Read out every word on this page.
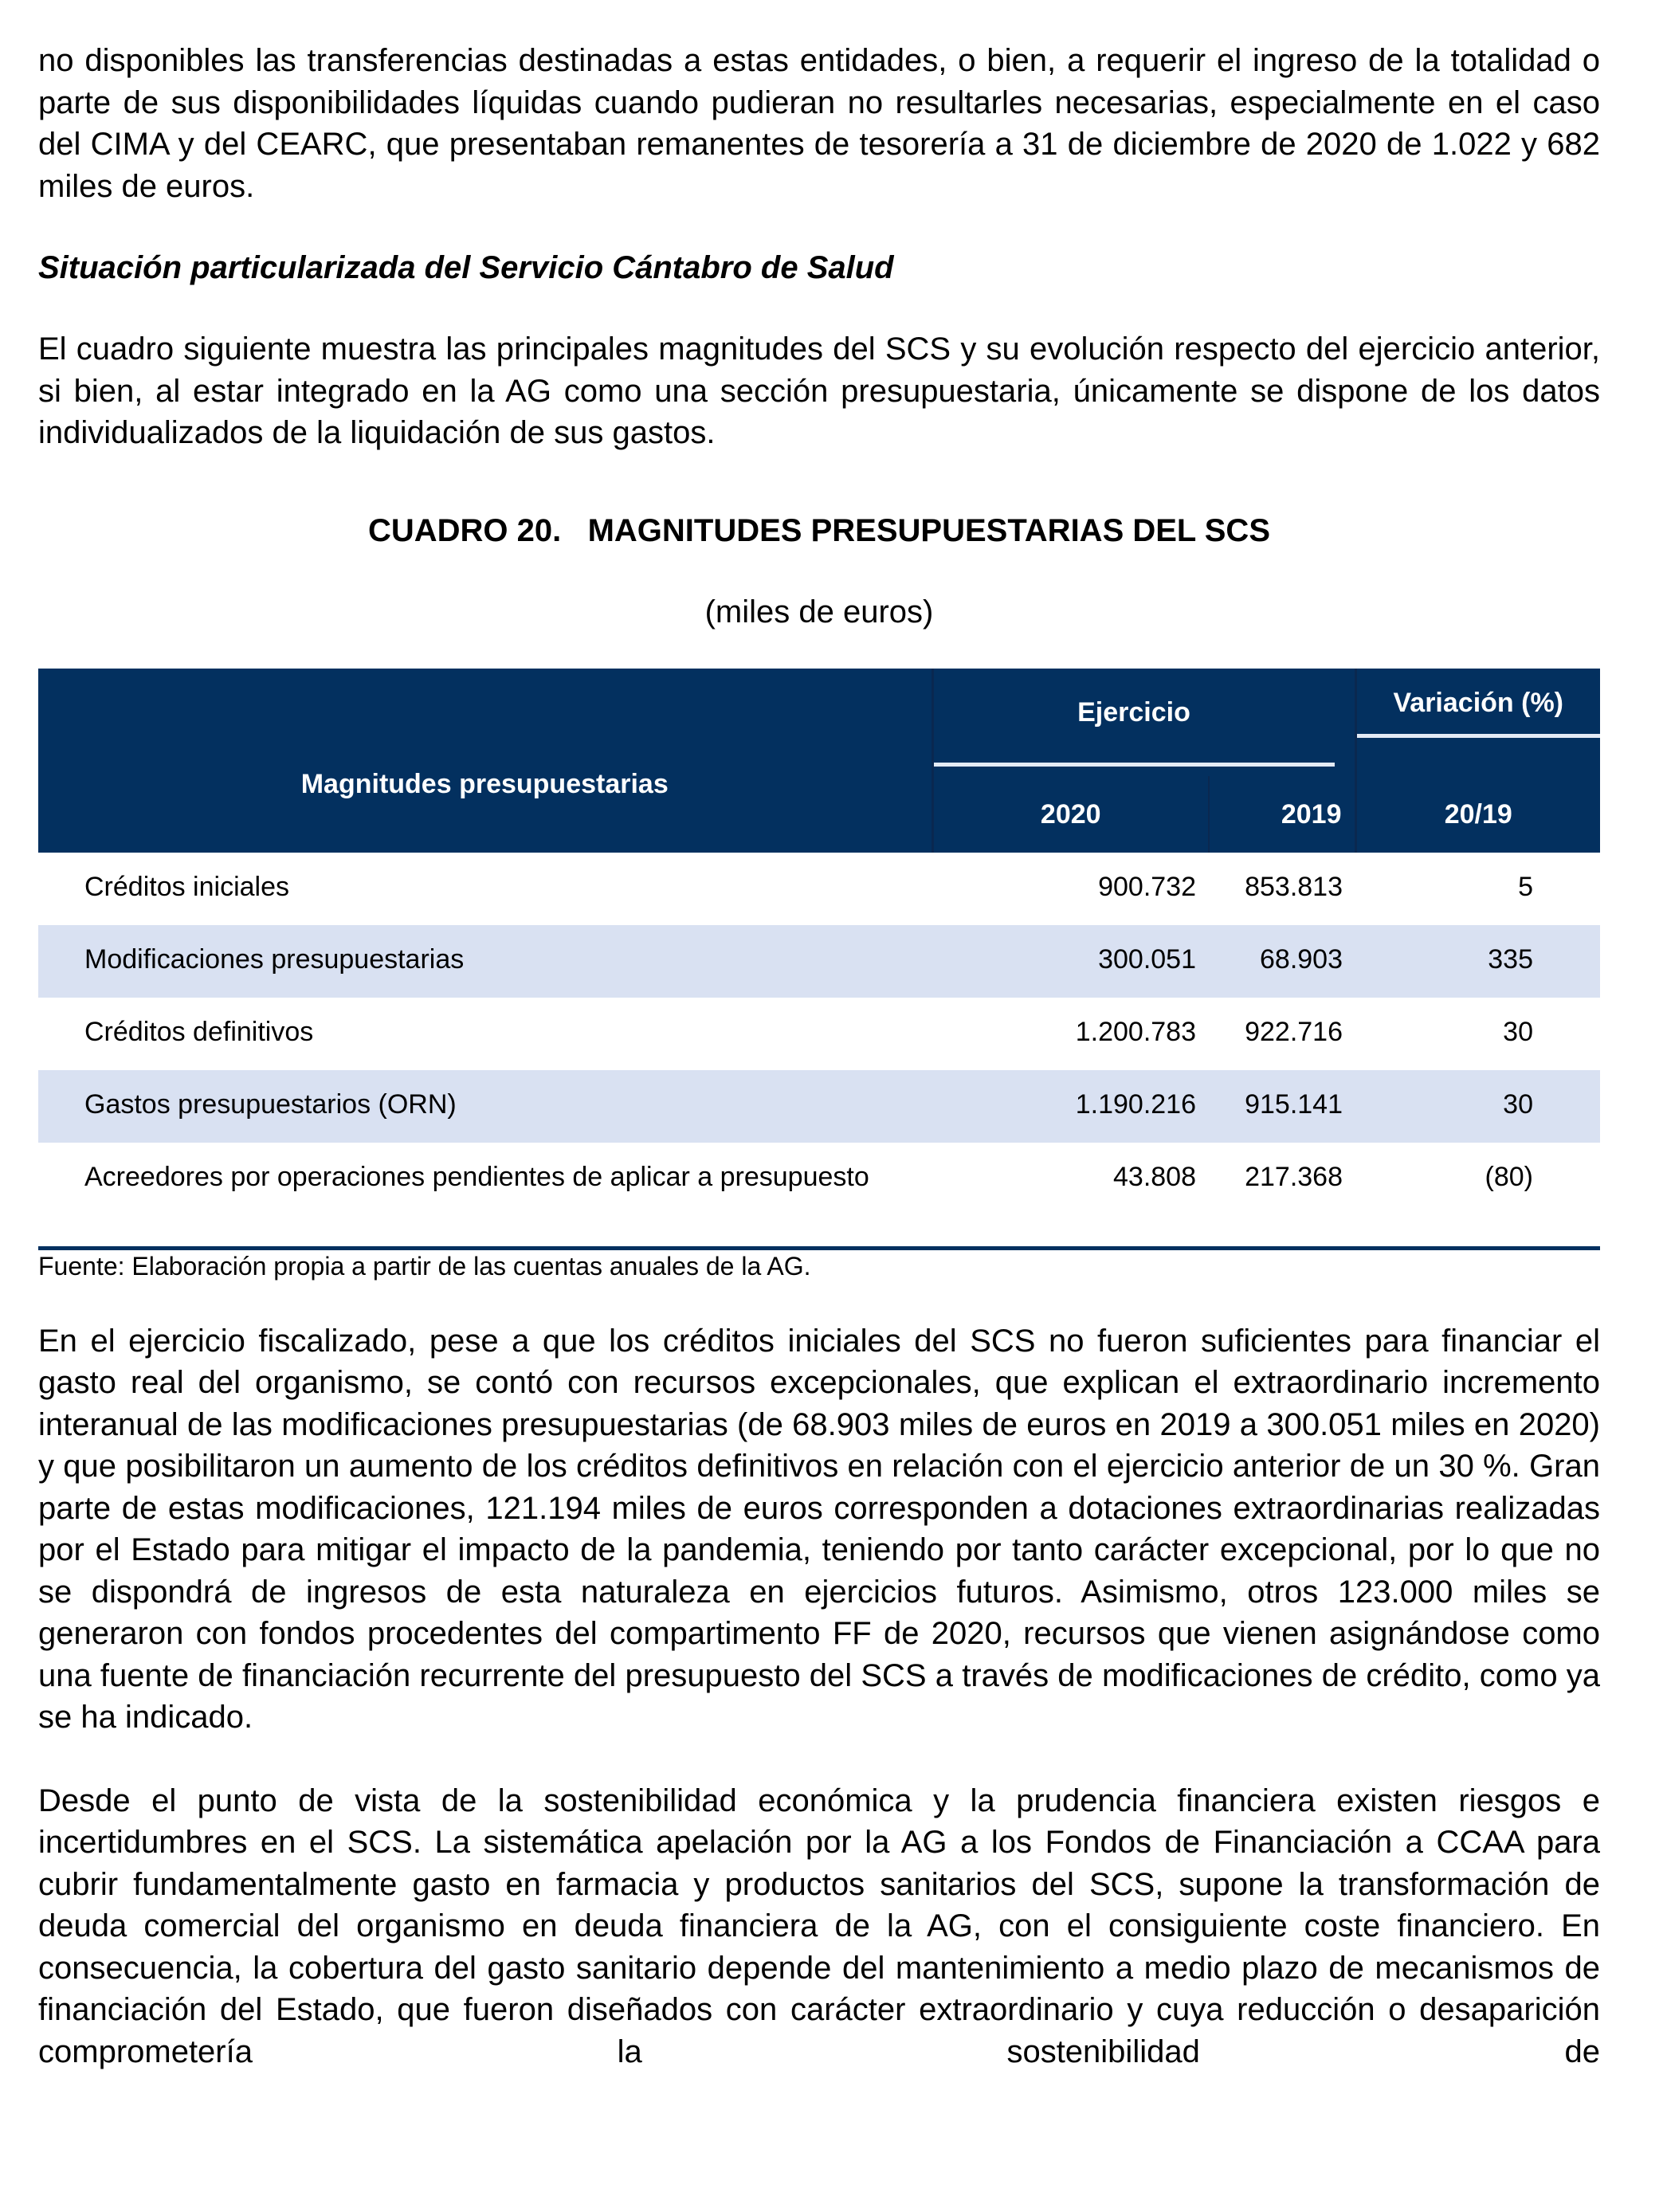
no disponibles las transferencias destinadas a estas entidades, o bien, a requerir el ingreso de la totalidad o parte de sus disponibilidades líquidas cuando pudieran no resultarles necesarias, especialmente en el caso del CIMA y del CEARC, que presentaban remanentes de tesorería a 31 de diciembre de 2020 de 1.022 y 682 miles de euros.

Situación particularizada del Servicio Cántabro de Salud

El cuadro siguiente muestra las principales magnitudes del SCS y su evolución respecto del ejercicio anterior, si bien, al estar integrado en la AG como una sección presupuestaria, únicamente se dispone de los datos individualizados de la liquidación de sus gastos.

CUADRO 20.   MAGNITUDES PRESUPUESTARIAS DEL SCS

(miles de euros)

Magnitudes presupuestarias	Ejercicio		Variación (%)

	2020	2019	20/19

Créditos iniciales	900.732	853.813	5

Modificaciones presupuestarias	300.051	68.903	335

Créditos definitivos	1.200.783	922.716	30

Gastos presupuestarios (ORN)	1.190.216	915.141	30

Acreedores por operaciones pendientes de aplicar a presupuesto	43.808	217.368	(80)

Fuente: Elaboración propia a partir de las cuentas anuales de la AG.

En el ejercicio fiscalizado, pese a que los créditos iniciales del SCS no fueron suficientes para financiar el gasto real del organismo, se contó con recursos excepcionales, que explican el extraordinario incremento interanual de las modificaciones presupuestarias (de 68.903 miles de euros en 2019 a 300.051 miles en 2020) y que posibilitaron un aumento de los créditos definitivos en relación con el ejercicio anterior de un 30 %. Gran parte de estas modificaciones, 121.194 miles de euros corresponden a dotaciones extraordinarias realizadas por el Estado para mitigar el impacto de la pandemia, teniendo por tanto carácter excepcional, por lo que no se dispondrá de ingresos de esta naturaleza en ejercicios futuros. Asimismo, otros 123.000 miles se generaron con fondos procedentes del compartimento FF de 2020, recursos que vienen asignándose como una fuente de financiación recurrente del presupuesto del SCS a través de modificaciones de crédito, como ya se ha indicado.

Desde el punto de vista de la sostenibilidad económica y la prudencia financiera existen riesgos e incertidumbres en el SCS. La sistemática apelación por la AG a los Fondos de Financiación a CCAA para cubrir fundamentalmente gasto en farmacia y productos sanitarios del SCS, supone la transformación de deuda comercial del organismo en deuda financiera de la AG, con el consiguiente coste financiero. En consecuencia, la cobertura del gasto sanitario depende del mantenimiento a medio plazo de mecanismos de financiación del Estado, que fueron diseñados con carácter extraordinario y cuya reducción o desaparición comprometería la sostenibilidad de
